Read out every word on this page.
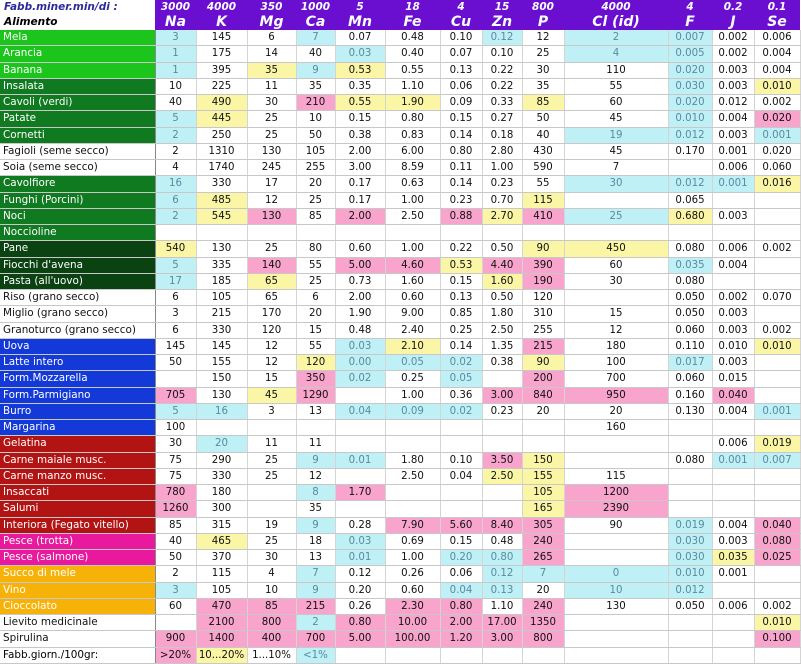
Fabb.miner.min/di :	3000	4000	350	1000	5	18	4	15	800	4000	4	0.2	0.1
Alimento	Na	K	Mg	Ca	Mn	Fe	Cu	Zn	P	Cl (id)	F	J	Se
Mela	3	145	6	7	0.07	0.48	0.10	0.12	12	2	0.007	0.002	0.006
Arancia	1	175	14	40	0.03	0.40	0.07	0.10	25	4	0.005	0.002	0.004
Banana	1	395	35	9	0.53	0.55	0.13	0.22	30	110	0.020	0.003	0.004
Insalata	10	225	11	35	0.35	1.10	0.06	0.22	35	55	0.030	0.003	0.010
Cavoli (verdi)	40	490	30	210	0.55	1.90	0.09	0.33	85	60	0.020	0.012	0.002
Patate	5	445	25	10	0.15	0.80	0.15	0.27	50	45	0.010	0.004	0.020
Cornetti	2	250	25	50	0.38	0.83	0.14	0.18	40	19	0.012	0.003	0.001
Fagioli (seme secco)	2	1310	130	105	2.00	6.00	0.80	2.80	430	45	0.170	0.001	0.020
Soia (seme secco)	4	1740	245	255	3.00	8.59	0.11	1.00	590	7		0.006	0.060
Cavolfiore	16	330	17	20	0.17	0.63	0.14	0.23	55	30	0.012	0.001	0.016
Funghi (Porcini)	6	485	12	25	0.17	1.00	0.23	0.70	115		0.065		
Noci	2	545	130	85	2.00	2.50	0.88	2.70	410	25	0.680	0.003	
Noccioline													
Pane	540	130	25	80	0.60	1.00	0.22	0.50	90	450	0.080	0.006	0.002
Fiocchi d'avena	5	335	140	55	5.00	4.60	0.53	4.40	390	60	0.035	0.004	
Pasta (all'uovo)	17	185	65	25	0.73	1.60	0.15	1.60	190	30	0.080		
Riso (grano secco)	6	105	65	6	2.00	0.60	0.13	0.50	120		0.050	0.002	0.070
Miglio (grano secco)	3	215	170	20	1.90	9.00	0.85	1.80	310	15	0.050	0.003	
Granoturco (grano secco)	6	330	120	15	0.48	2.40	0.25	2.50	255	12	0.060	0.003	0.002
Uova	145	145	12	55	0.03	2.10	0.14	1.35	215	180	0.110	0.010	0.010
Latte intero	50	155	12	120	0.00	0.05	0.02	0.38	90	100	0.017	0.003	
Form.Mozzarella		150	15	350	0.02	0.25	0.05		200	700	0.060	0.015	
Form.Parmigiano	705	130	45	1290		1.00	0.36	3.00	840	950	0.160	0.040	
Burro	5	16	3	13	0.04	0.09	0.02	0.23	20	20	0.130	0.004	0.001
Margarina	100									160			
Gelatina	30	20	11	11								0.006	0.019
Carne maiale musc.	75	290	25	9	0.01	1.80	0.10	3.50	150		0.080	0.001	0.007
Carne manzo musc.	75	330	25	12		2.50	0.04	2.50	155	115			
Insaccati	780	180		8	1.70				105	1200			
Salumi	1260	300		35					165	2390			
Interiora (Fegato vitello)	85	315	19	9	0.28	7.90	5.60	8.40	305	90	0.019	0.004	0.040
Pesce (trotta)	40	465	25	18	0.03	0.69	0.15	0.48	240		0.030	0.003	0.080
Pesce (salmone)	50	370	30	13	0.01	1.00	0.20	0.80	265		0.030	0.035	0.025
Succo di mele	2	115	4	7	0.12	0.26	0.06	0.12	7	0	0.010	0.001	
Vino	3	105	10	9	0.20	0.60	0.04	0.13	20	10	0.012		
Cioccolato	60	470	85	215	0.26	2.30	0.80	1.10	240	130	0.050	0.006	0.002
Lievito medicinale		2100	800	2	0.80	10.00	2.00	17.00	1350				0.010
Spirulina	900	1400	400	700	5.00	100.00	1.20	3.00	800				0.100
Fabb.giorn./100gr:	>20%	10...20%	1...10%	<1%									
